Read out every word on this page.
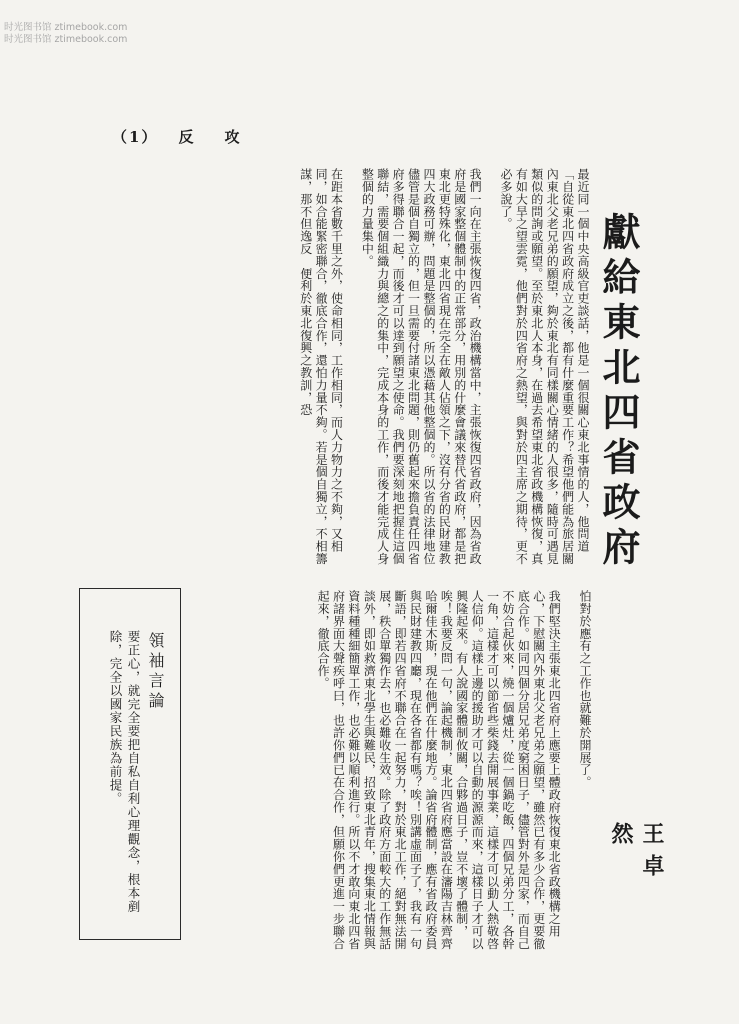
时光图书馆 ztimebook.com
时光图书馆 ztimebook.com
（1） 反　攻
獻給東北四省政府
最近同一個中央高級官吏談話，他是一個很關心東北事情的人，他問道「自從東北四省政府成立之後，都有什麼重要工作？希望他們能為旅居關內東北父老兄弟的願望，夠於東北有同樣關心情緒的人很多，隨時可遇見類似的問詢或願望。至於東北人本身，在過去希望東北省政機構恢復，真有如大旱之望雲霓，他們對於四省府之熱望，與對於四主席之期待，更不必多說了。

我們一向在主張恢復四省，政治機構當中，主張恢復四省政府，因為省政府是國家整個體制中的正常部分，用別的什麼會議來替代省政府，都是把東北更特殊化，東北四省現在完全在敵人佔領之下，沒有分省的民財建教四大政務可辦，問題是整個的，所以憑藉其他整個的。所以省的法律地位儘管是個自獨立的，但一旦需要付諸東北問題，則仍舊起來擔負責任四省府多得聯合一起，而後才可以達到願望之使命。我們要深刻地把握住這個聯結，需要個組織力與總之的集中，完成本身的工作，而後才能完成人身整個的力量集中。

在距本省數千里之外，使命相同，工作相同，而人力物力之不夠，又相同，如合能緊密聯合，徹底合作，還怕力量不夠。若是個自獨立，不相籌謀，那不但逸反　便利於東北復興之教訓，恐
怕對於應有之工作也就難於開展了。

我們堅決主張東北四省府上應要上體政府恢復東北省政機構之用心，下慰關內外東北父老兄弟之願望，雖然已有多少合作，更要徹底合作。如同四個分居兄弟度窮困日子，儘管對外是四家，而自己不妨合起伙來，燒一個爐灶，從一個鍋吃飯，四個兄弟分工，各幹一角，這樣才可以節省些柴錢去開展事業，這樣才可以動人熱敬啓人信仰。這樣上邊的援助才可以自動的源源而來，這樣日子才可以興隆起來。有人說國家體制攸關，合夥過日子，豈不壞了體制，唉！我要反問一句，論起機制，東北四省府應當設在瀋陽吉林齊齊哈爾佳木斯，現在他們在什麼地方。論省府體制，應有省政府委員與民財建教四廳，現在各省都有嗎？唉！別講虛面子了，我有一句斷語，即若四省府不聯合在一起努力，對於東北工作，絕對無法開展，秩合單獨作去，也必難收生效。除了政府方面較大的工作無話談外，即如救濟東北學生與難民，招致東北青年，搜集東北情報與資料種種細簡單工作，也必難以順利進行。所以不才敢向東北四省府諸界面大聲疾呼曰，也許你們已在合作，但願你們更進一步聯合起來，徹底合作。
王卓然
領袖言論
要正心，就完全要把自私自利心理觀念，根本剷除，完全以國家民族為前提。
